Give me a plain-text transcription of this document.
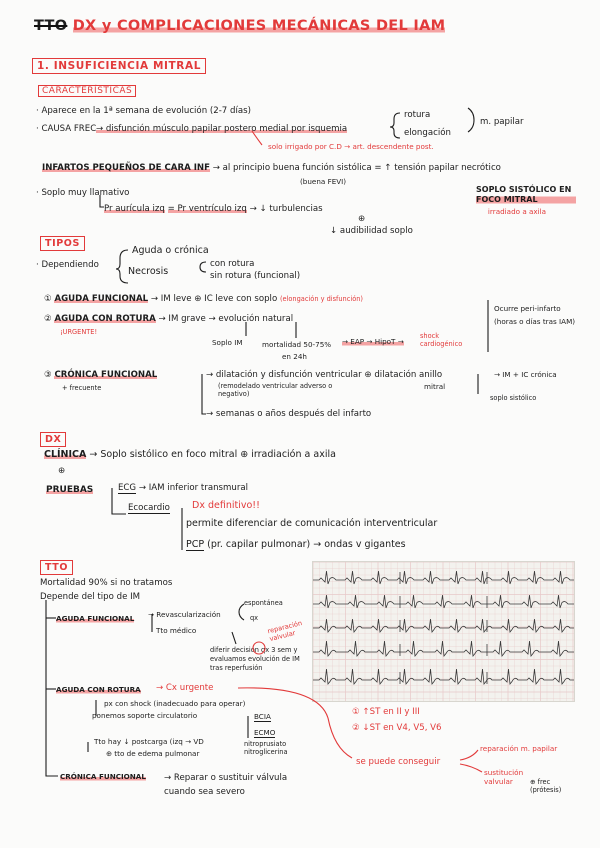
TTO DX y COMPLICACIONES MECÁNICAS DEL IAM
1. INSUFICIENCIA MITRAL
CARACTERÍSTICAS
· Aparece en la 1ª semana de evolución (2-7 días)
· CAUSA FREC → disfunción músculo papilar postero medial por isquemia
rotura
elongación
m. papilar
solo irrigado por C.D → art. descendente post.
INFARTOS PEQUEÑOS DE CARA INF → al principio buena función sistólica = ↑ tensión papilar necrótico
(buena FEVI)
· Soplo muy llamativo	SOPLO SISTÓLICO EN FOCO MITRAL
irradiado a axila
Pr aurícula izq = Pr ventrículo izq → ↓ turbulencias
⊕
↓ audibilidad soplo
TIPOS
· Dependiendo
Aguda o crónica
Necrosis
con rotura
sin rotura (funcional)
① AGUDA FUNCIONAL → IM leve ⊕ IC leve con soplo (elongación y disfunción)
② AGUDA CON ROTURA → IM grave → evolución natural
¡URGENTE!
Soplo IM	mortalidad 50-75%
en 24h
→ EAP → HipoT →
shock cardiogénico
Ocurre peri-infarto (horas o días tras IAM)
③ CRÓNICA FUNCIONAL
+ frecuente
→ dilatación y disfunción ventricular ⊕ dilatación anillo
(remodelado ventricular adverso o negativo)
mitral
→ IM + IC crónica
soplo sistólico
→ semanas o años después del infarto
DX
CLÍNICA → Soplo sistólico en foco mitral ⊕ irradiación a axila
⊕
PRUEBAS	ECG → IAM inferior transmural
Ecocardio Dx definitivo!!
permite diferenciar de comunicación interventricular
PCP (pr. capilar pulmonar) → ondas v gigantes
TTO
Mortalidad 90% si no tratamos
Depende del tipo de IM
AGUDA FUNCIONAL → Revascularización
espontánea
qx
Tto médico	reparación valvular
diferir decisión qx 3 sem y evaluamos evolución de IM tras reperfusión
AGUDA CON ROTURA → Cx urgente
px con shock (inadecuado para operar)
ponemos soporte circulatorio	BCIA
ECMO
Tto hay ↓ postcarga (izq → VD	nitroprusiato nitroglicerina
⊕ tto de edema pulmonar
CRÓNICA FUNCIONAL → Reparar o sustituir válvula cuando sea severo
① ↑ST en II y III
② ↓ST en V4, V5, V6
se puede conseguir
reparación m. papilar
sustitución valvular	⊕ frec (prótesis)
